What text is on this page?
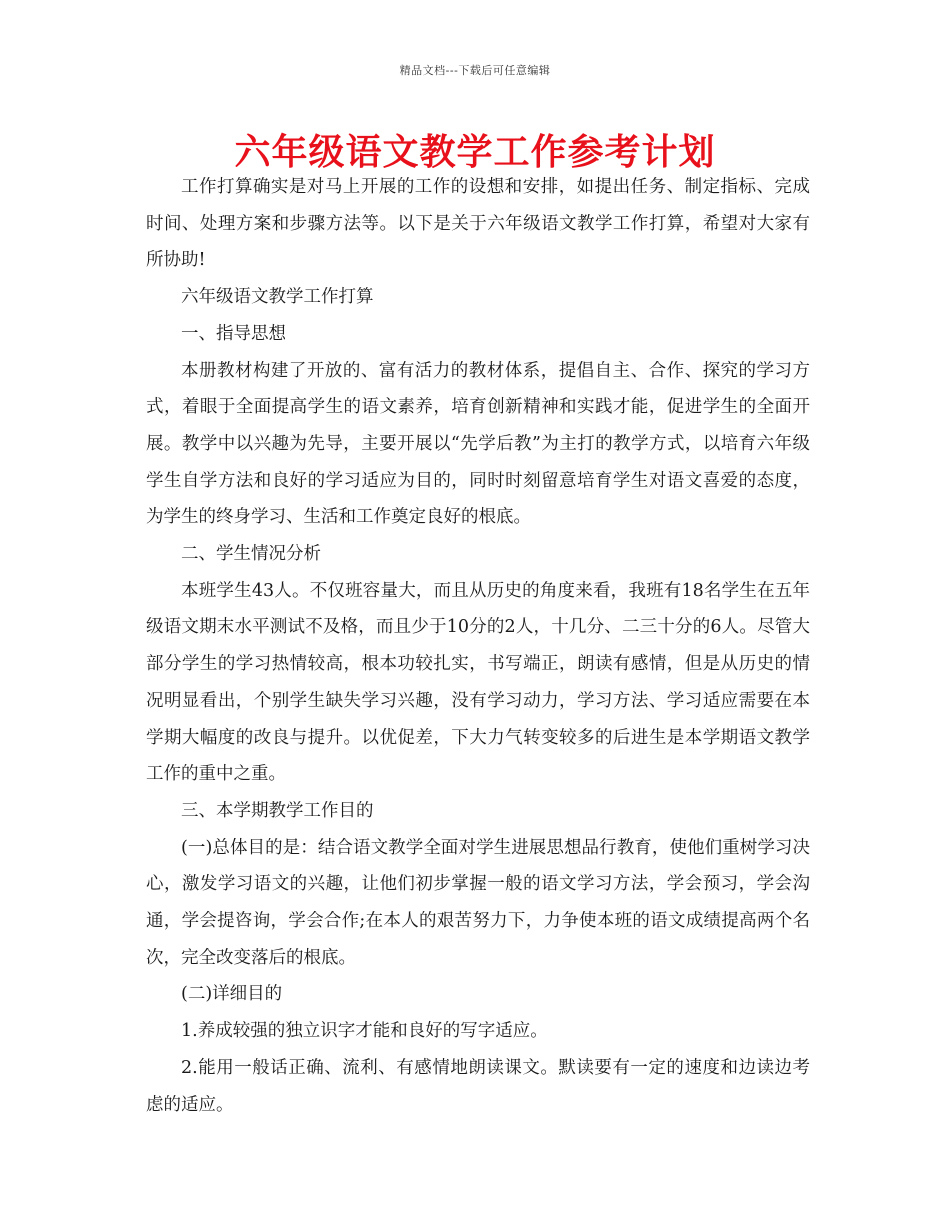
精品文档---下载后可任意编辑
六年级语文教学工作参考计划

工作打算确实是对马上开展的工作的设想和安排，如提出任务、制定指标、完成时间、处理方案和步骤方法等。以下是关于六年级语文教学工作打算，希望对大家有所协助!

六年级语文教学工作打算

一、指导思想

本册教材构建了开放的、富有活力的教材体系，提倡自主、合作、探究的学习方式，着眼于全面提高学生的语文素养，培育创新精神和实践才能，促进学生的全面开展。教学中以兴趣为先导，主要开展以“先学后教”为主打的教学方式，以培育六年级学生自学方法和良好的学习适应为目的，同时时刻留意培育学生对语文喜爱的态度，为学生的终身学习、生活和工作奠定良好的根底。

二、学生情况分析

本班学生43人。不仅班容量大，而且从历史的角度来看，我班有18名学生在五年级语文期末水平测试不及格，而且少于10分的2人，十几分、二三十分的6人。尽管大部分学生的学习热情较高，根本功较扎实，书写端正，朗读有感情，但是从历史的情况明显看出，个别学生缺失学习兴趣，没有学习动力，学习方法、学习适应需要在本学期大幅度的改良与提升。以优促差，下大力气转变较多的后进生是本学期语文教学工作的重中之重。

三、本学期教学工作目的

(一)总体目的是：结合语文教学全面对学生进展思想品行教育，使他们重树学习决心，激发学习语文的兴趣，让他们初步掌握一般的语文学习方法，学会预习，学会沟通，学会提咨询，学会合作;在本人的艰苦努力下，力争使本班的语文成绩提高两个名次，完全改变落后的根底。

(二)详细目的

1.养成较强的独立识字才能和良好的写字适应。

2.能用一般话正确、流利、有感情地朗读课文。默读要有一定的速度和边读边考虑的适应。
